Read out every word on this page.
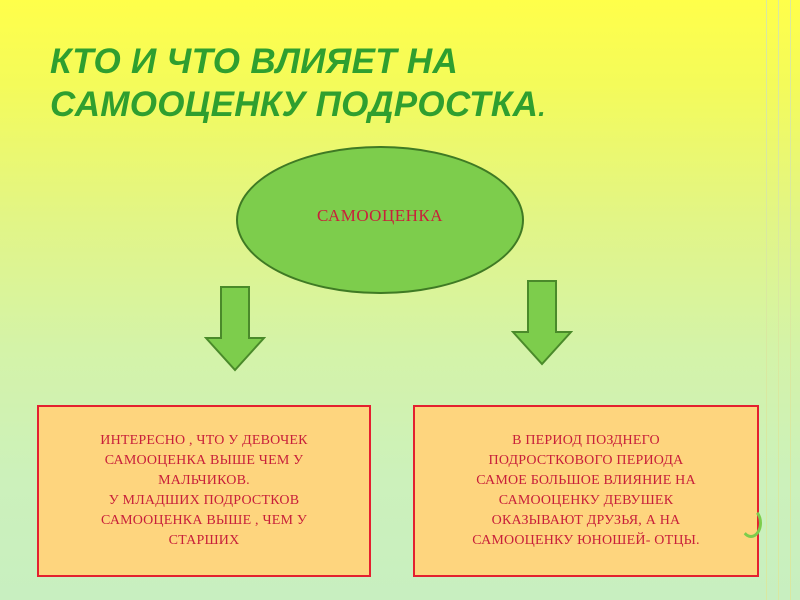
КТО И ЧТО ВЛИЯЕТ НА
САМООЦЕНКУ ПОДРОСТКА.
САМООЦЕНКА
ИНТЕРЕСНО , ЧТО У ДЕВОЧЕК
САМООЦЕНКА ВЫШЕ ЧЕМ У
МАЛЬЧИКОВ.
У МЛАДШИХ ПОДРОСТКОВ
САМООЦЕНКА ВЫШЕ , ЧЕМ У
СТАРШИХ
В ПЕРИОД ПОЗДНЕГО
ПОДРОСТКОВОГО ПЕРИОДА
САМОЕ БОЛЬШОЕ ВЛИЯНИЕ НА
САМООЦЕНКУ ДЕВУШЕК
ОКАЗЫВАЮТ ДРУЗЬЯ, А НА
САМООЦЕНКУ ЮНОШЕЙ- ОТЦЫ.
